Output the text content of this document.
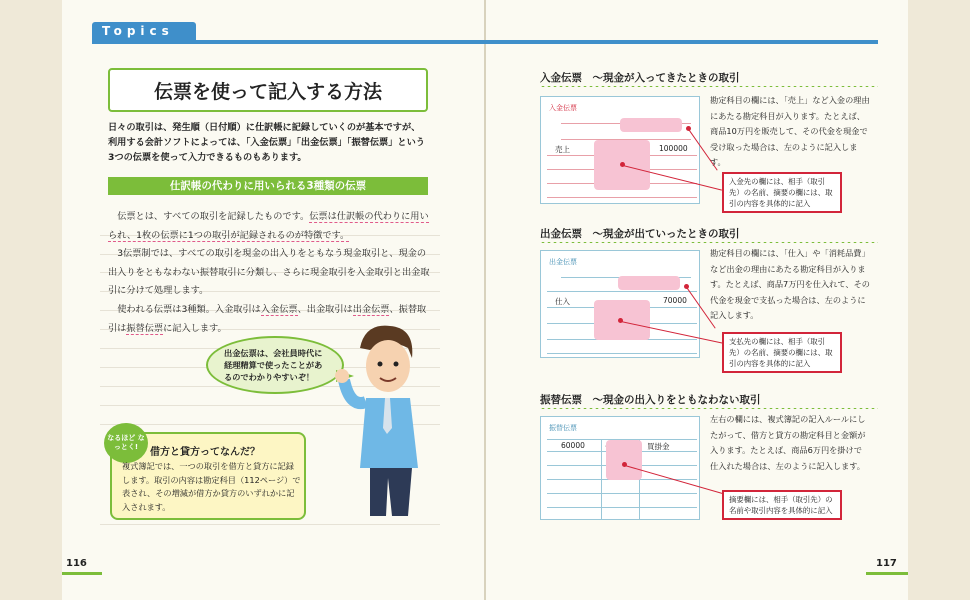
Topics
伝票を使って記入する方法
日々の取引は、発生順（日付順）に仕訳帳に記録していくのが基本ですが、利用する会計ソフトによっては、「入金伝票」「出金伝票」「振替伝票」という3つの伝票を使って入力できるものもあります。
仕訳帳の代わりに用いられる3種類の伝票

伝票とは、すべての取引を記録したものです。伝票は仕訳帳の代わりに用いられ、1枚の伝票に1つの取引が記録されるのが特徴です。

3伝票制では、すべての取引を現金の出入りをともなう現金取引と、現金の出入りをともなわない振替取引に分類し、さらに現金取引を入金取引と出金取引に分けて処理します。

使われる伝票は3種類。入金取引は入金伝票、出金取引は出金伝票、振替取引は振替伝票に記入します。

出金伝票は、会社員時代に経理精算で使ったことがあるのでわかりやすいぞ！
なるほど なっとく!	借方と貸方ってなんだ？
複式簿記では、一つの取引を借方と貸方に記録します。取引の内容は勘定科目（112ページ）で表され、その増減が借方か貸方のいずれかに記入されます。
116
入金伝票　～現金が入ってきたときの取引
入金伝票
売上	100000
勘定科目の欄には、「売上」など入金の理由にあたる勘定科目が入ります。たとえば、商品10万円を販売して、その代金を現金で受け取った場合は、左のように記入します。
入金先の欄には、相手（取引先）の名前、摘要の欄には、取引の内容を具体的に記入
出金伝票　～現金が出ていったときの取引
出金伝票
仕入	70000
勘定科目の欄には、「仕入」や「消耗品費」など出金の理由にあたる勘定科目が入ります。たとえば、商品7万円を仕入れて、その代金を現金で支払った場合は、左のように記入します。
支払先の欄には、相手（取引先）の名前、摘要の欄には、取引の内容を具体的に記入
振替伝票　～現金の出入りをともなわない取引
振替伝票
60000	買掛金
左右の欄には、複式簿記の記入ルールにしたがって、借方と貸方の勘定科目と金額が入ります。たとえば、商品6万円を掛けで仕入れた場合は、左のように記入します。
摘要欄には、相手（取引先）の名前や取引内容を具体的に記入
117
